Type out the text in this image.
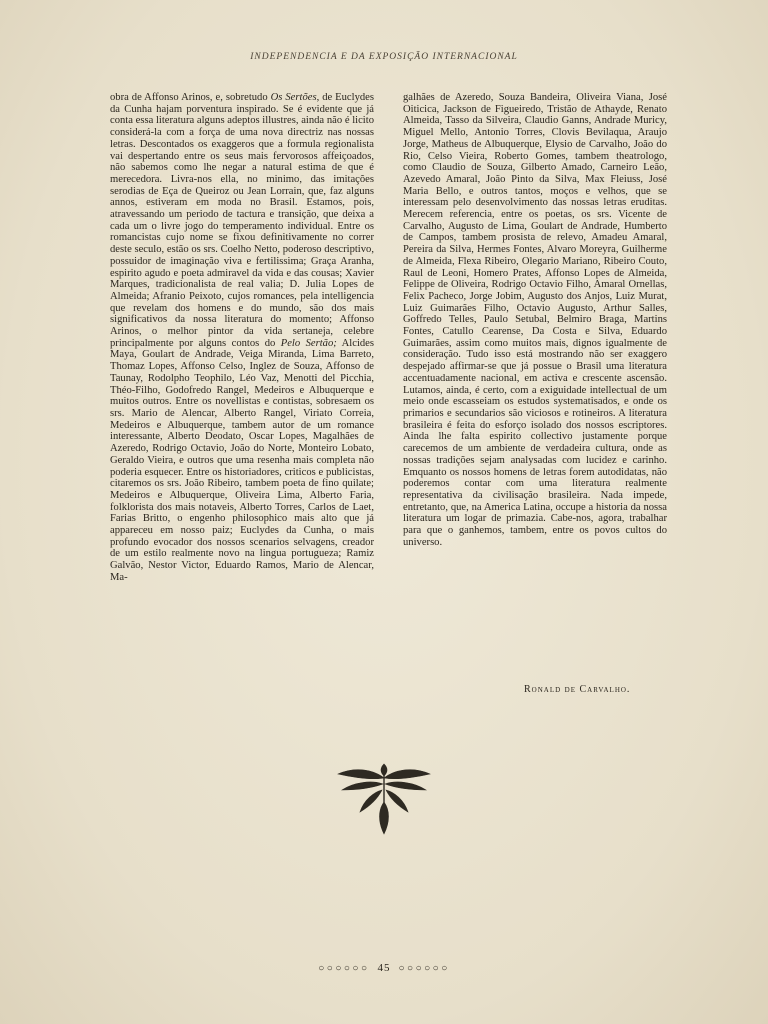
INDEPENDENCIA E DA EXPOSIÇÃO INTERNACIONAL

obra de Affonso Arinos, e, sobretudo Os Sertões, de Euclydes da Cunha hajam porventura inspirado. Se é evidente que já conta essa literatura alguns adeptos illustres, ainda não é licito considerá-la com a força de uma nova directriz nas nossas letras. Descontados os exaggeros que a formula regionalista vai despertando entre os seus mais fervorosos affeiçoados, não sabemos como lhe negar a natural estima de que é merecedora. Livra-nos ella, no minimo, das imitações serodias de Eça de Queiroz ou Jean Lorrain, que, faz alguns annos, estiveram em moda no Brasil. Estamos, pois, atravessando um periodo de tactura e transição, que deixa a cada um o livre jogo do temperamento individual. Entre os romancistas cujo nome se fixou definitivamente no correr deste seculo, estão os srs. Coelho Netto, poderoso descriptivo, possuidor de imaginação viva e fertilissima; Graça Aranha, espirito agudo e poeta admiravel da vida e das cousas; Xavier Marques, tradicionalista de real valia; D. Julia Lopes de Almeida; Afranio Peixoto, cujos romances, pela intelligencia que revelam dos homens e do mundo, são dos mais significativos da nossa literatura do momento; Affonso Arinos, o melhor pintor da vida sertaneja, celebre principalmente por alguns contos do Pelo Sertão; Alcides Maya, Goulart de Andrade, Veiga Miranda, Lima Barreto, Thomaz Lopes, Affonso Celso, Inglez de Souza, Affonso de Taunay, Rodolpho Teophilo, Léo Vaz, Menotti del Picchia, Théo-Filho, Godofredo Rangel, Medeiros e Albuquerque e muitos outros. Entre os novellistas e contistas, sobresaem os srs. Mario de Alencar, Alberto Rangel, Viriato Correia, Medeiros e Albuquerque, tambem autor de um romance interessante, Alberto Deodato, Oscar Lopes, Magalhães de Azeredo, Rodrigo Octavio, João do Norte, Monteiro Lobato, Geraldo Vieira, e outros que uma resenha mais completa não poderia esquecer. Entre os historiadores, criticos e publicistas, citaremos os srs. João Ribeiro, tambem poeta de fino quilate; Medeiros e Albuquerque, Oliveira Lima, Alberto Faria, folklorista dos mais notaveis, Alberto Torres, Carlos de Laet, Farias Britto, o engenho philosophico mais alto que já appareceu em nosso paiz; Euclydes da Cunha, o mais profundo evocador dos nossos scenarios selvagens, creador de um estilo realmente novo na lingua portugueza; Ramiz Galvão, Nestor Victor, Eduardo Ramos, Mario de Alencar, Ma-

galhães de Azeredo, Souza Bandeira, Oliveira Viana, José Oiticica, Jackson de Figueiredo, Tristão de Athayde, Renato Almeida, Tasso da Silveira, Claudio Ganns, Andrade Muricy, Miguel Mello, Antonio Torres, Clovis Bevilaqua, Araujo Jorge, Matheus de Albuquerque, Elysio de Carvalho, João do Rio, Celso Vieira, Roberto Gomes, tambem theatrologo, como Claudio de Souza, Gilberto Amado, Carneiro Leão, Azevedo Amaral, João Pinto da Silva, Max Fleiuss, José Maria Bello, e outros tantos, moços e velhos, que se interessam pelo desenvolvimento das nossas letras eruditas. Merecem referencia, entre os poetas, os srs. Vicente de Carvalho, Augusto de Lima, Goulart de Andrade, Humberto de Campos, tambem prosista de relevo, Amadeu Amaral, Pereira da Silva, Hermes Fontes, Alvaro Moreyra, Guilherme de Almeida, Flexa Ribeiro, Olegario Mariano, Ribeiro Couto, Raul de Leoni, Homero Prates, Affonso Lopes de Almeida, Felippe de Oliveira, Rodrigo Octavio Filho, Amaral Ornellas, Felix Pacheco, Jorge Jobim, Augusto dos Anjos, Luiz Murat, Luiz Guimarães Filho, Octavio Augusto, Arthur Salles, Goffredo Telles, Paulo Setubal, Belmiro Braga, Martins Fontes, Catullo Cearense, Da Costa e Silva, Eduardo Guimarães, assim como muitos mais, dignos igualmente de consideração. Tudo isso está mostrando não ser exaggero despejado affirmar-se que já possue o Brasil uma literatura accentuadamente nacional, em activa e crescente ascensão. Lutamos, ainda, é certo, com a exiguidade intellectual de um meio onde escasseiam os estudos systematisados, e onde os primarios e secundarios são viciosos e rotineiros. A literatura brasileira é feita do esforço isolado dos nossos escriptores. Ainda lhe falta espirito collectivo justamente porque carecemos de um ambiente de verdadeira cultura, onde as nossas tradições sejam analysadas com lucidez e carinho. Emquanto os nossos homens de letras forem autodidatas, não poderemos contar com uma literatura realmente representativa da civilisação brasileira. Nada impede, entretanto, que, na America Latina, occupe a historia da nossa literatura um logar de primazia. Cabe-nos, agora, trabalhar para que o ganhemos, tambem, entre os povos cultos do universo.

Ronald de Carvalho.
○○○○○○ 45 ○○○○○○
